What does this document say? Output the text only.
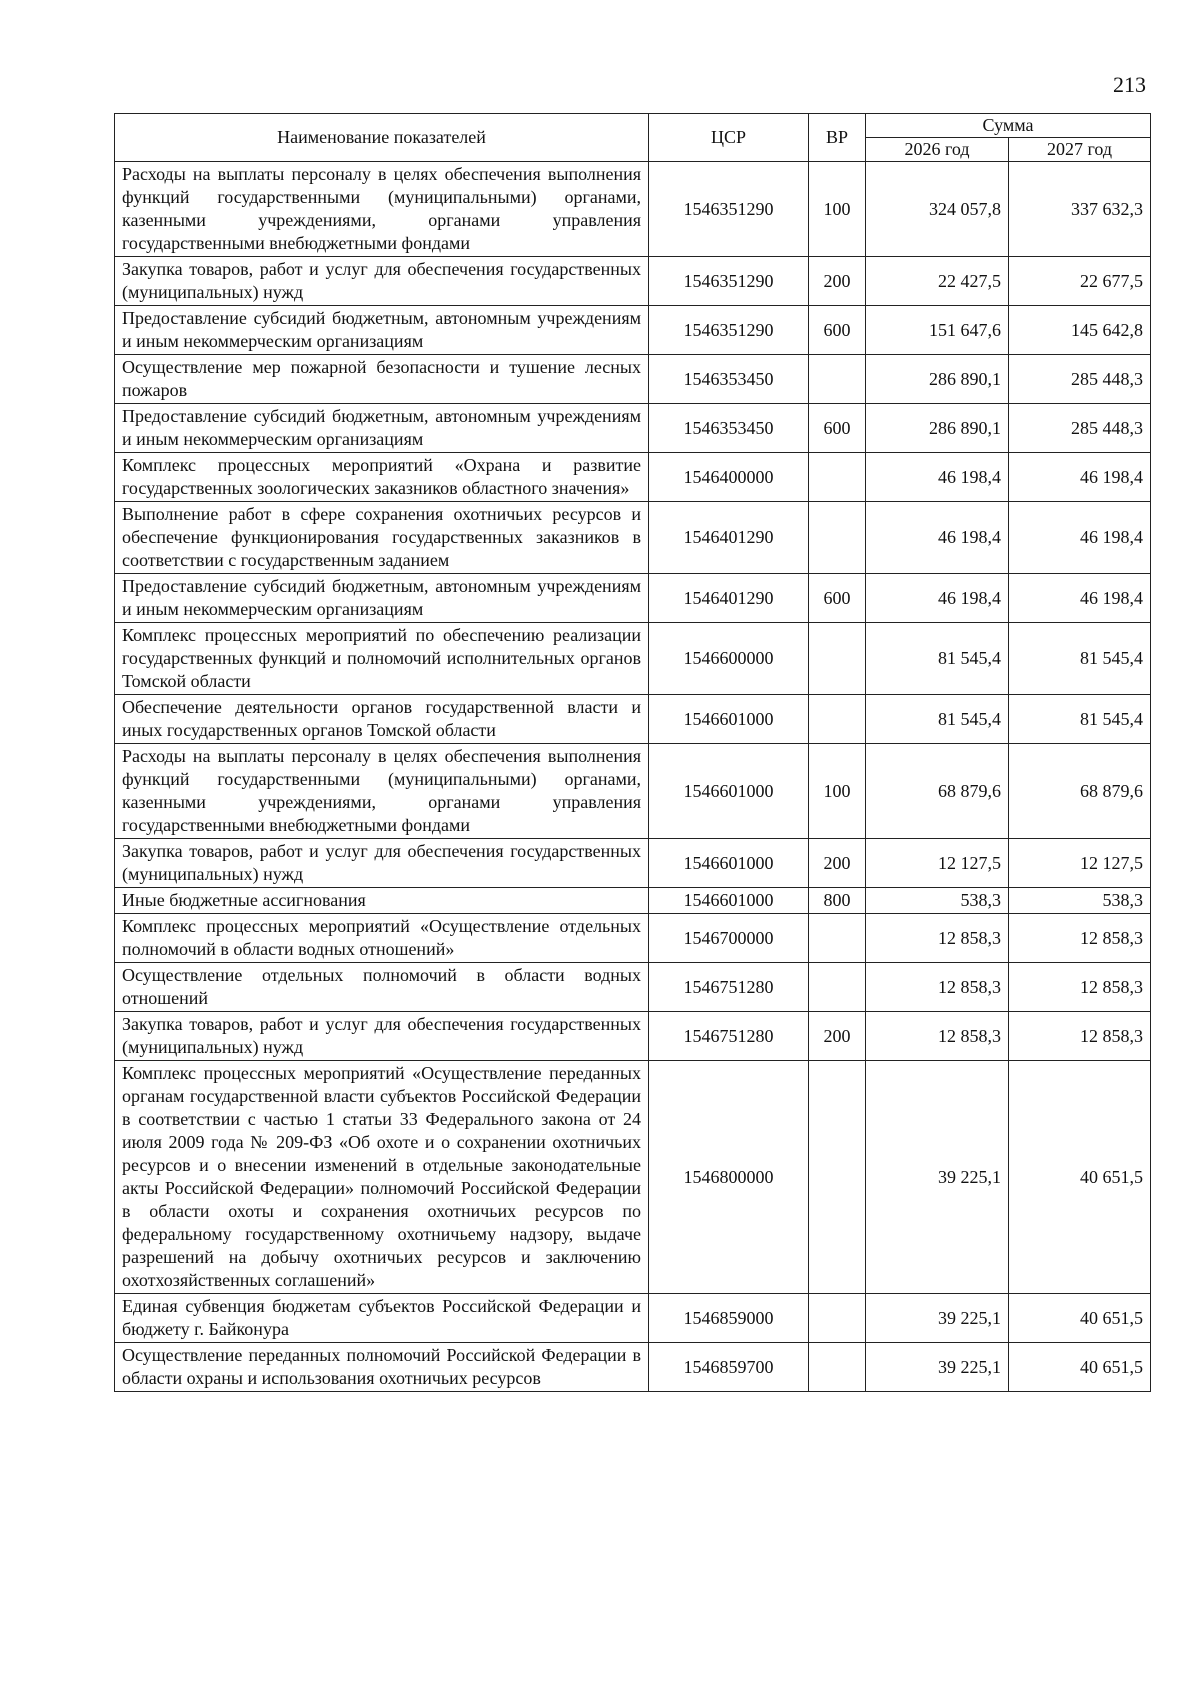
213
Наименование показателей	ЦСР	ВР	Сумма	
			2026 год	2027 год
Расходы на выплаты персоналу в целях обеспечения выполнения функций государственными (муниципальными) органами, казенными учреждениями, органами управления государственными внебюджетными фондами	1546351290	100	324 057,8	337 632,3
Закупка товаров, работ и услуг для обеспечения государственных (муниципальных) нужд	1546351290	200	22 427,5	22 677,5
Предоставление субсидий бюджетным, автономным учреждениям и иным некоммерческим организациям	1546351290	600	151 647,6	145 642,8
Осуществление мер пожарной безопасности и тушение лесных пожаров	1546353450		286 890,1	285 448,3
Предоставление субсидий бюджетным, автономным учреждениям и иным некоммерческим организациям	1546353450	600	286 890,1	285 448,3
Комплекс процессных мероприятий «Охрана и развитие государственных зоологических заказников областного значения»	1546400000		46 198,4	46 198,4
Выполнение работ в сфере сохранения охотничьих ресурсов и обеспечение функционирования государственных заказников в соответствии с государственным заданием	1546401290		46 198,4	46 198,4
Предоставление субсидий бюджетным, автономным учреждениям и иным некоммерческим организациям	1546401290	600	46 198,4	46 198,4
Комплекс процессных мероприятий по обеспечению реализации государственных функций и полномочий исполнительных органов Томской области	1546600000		81 545,4	81 545,4
Обеспечение деятельности органов государственной власти и иных государственных органов Томской области	1546601000		81 545,4	81 545,4
Расходы на выплаты персоналу в целях обеспечения выполнения функций государственными (муниципальными) органами, казенными учреждениями, органами управления государственными внебюджетными фондами	1546601000	100	68 879,6	68 879,6
Закупка товаров, работ и услуг для обеспечения государственных (муниципальных) нужд	1546601000	200	12 127,5	12 127,5
Иные бюджетные ассигнования	1546601000	800	538,3	538,3
Комплекс процессных мероприятий «Осуществление отдельных полномочий в области водных отношений»	1546700000		12 858,3	12 858,3
Осуществление отдельных полномочий в области водных отношений	1546751280		12 858,3	12 858,3
Закупка товаров, работ и услуг для обеспечения государственных (муниципальных) нужд	1546751280	200	12 858,3	12 858,3
Комплекс процессных мероприятий «Осуществление переданных органам государственной власти субъектов Российской Федерации в соответствии с частью 1 статьи 33 Федерального закона от 24 июля 2009 года № 209-ФЗ «Об охоте и о сохранении охотничьих ресурсов и о внесении изменений в отдельные законодательные акты Российской Федерации» полномочий Российской Федерации в области охоты и сохранения охотничьих ресурсов по федеральному государственному охотничьему надзору, выдаче разрешений на добычу охотничьих ресурсов и заключению охотхозяйственных соглашений»	1546800000		39 225,1	40 651,5
Единая субвенция бюджетам субъектов Российской Федерации и бюджету г. Байконура	1546859000		39 225,1	40 651,5
Осуществление переданных полномочий Российской Федерации в области охраны и использования охотничьих ресурсов	1546859700		39 225,1	40 651,5
